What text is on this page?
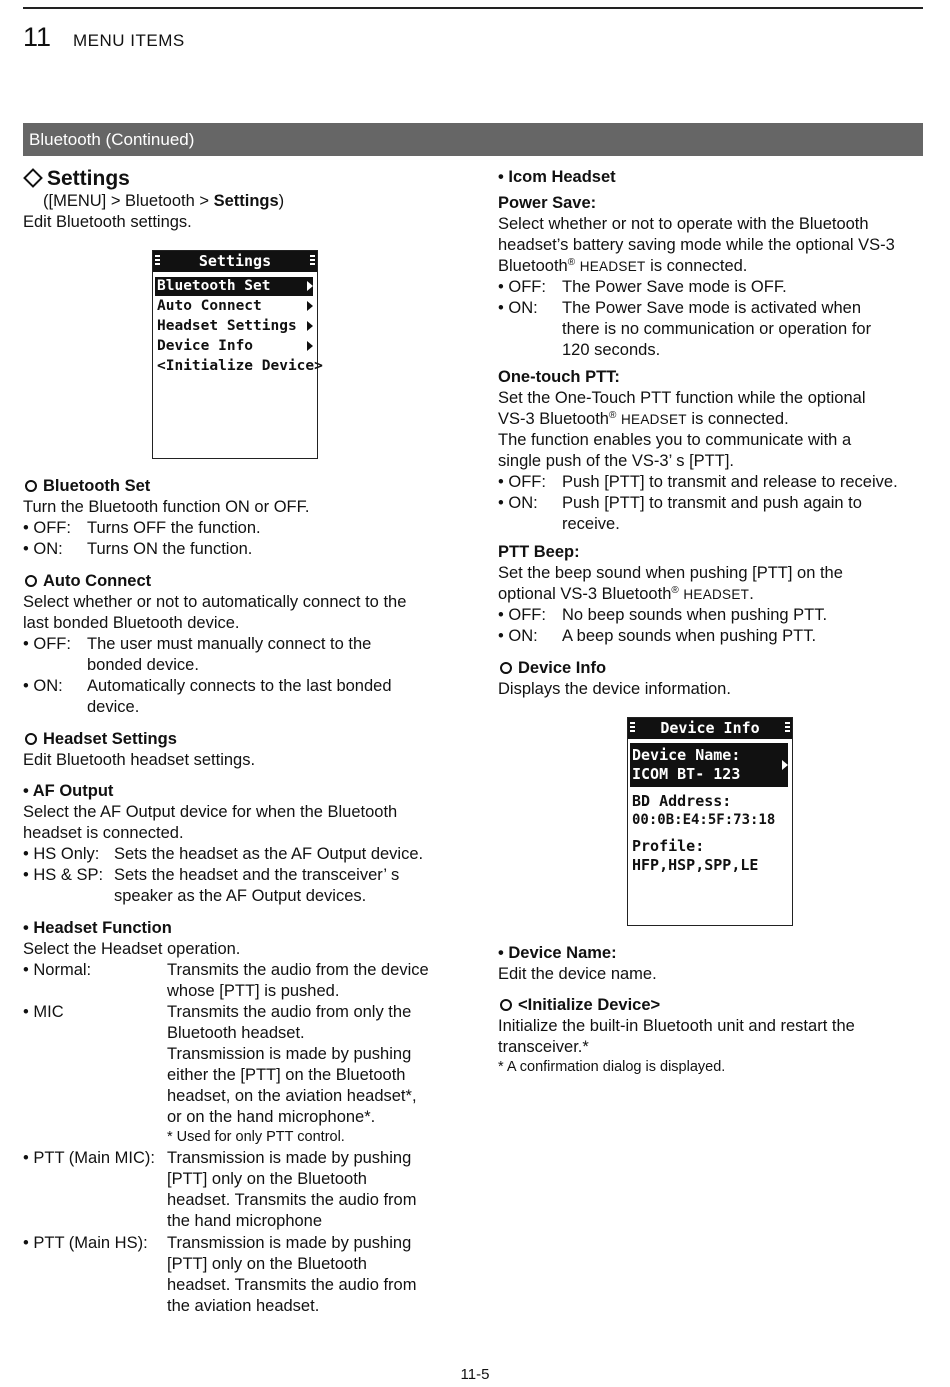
11 MENU ITEMS
Bluetooth (Continued)
Settings
([MENU] > Bluetooth > Settings)
Edit Bluetooth settings.
Settings
Bluetooth Set
Auto Connect
Headset Settings
Device Info
<Initialize Device>
Bluetooth Set
Turn the Bluetooth function ON or OFF.
• OFF: Turns OFF the function.
• ON: Turns ON the function.
Auto Connect
Select whether or not to automatically connect to the
last bonded Bluetooth device.
• OFF: The user must manually connect to the
bonded device.
• ON: Automatically connects to the last bonded
device.
Headset Settings
Edit Bluetooth headset settings.
• AF Output
Select the AF Output device for when the Bluetooth
headset is connected.
• HS Only: Sets the headset as the AF Output device.
• HS & SP: Sets the headset and the transceiver’ s
speaker as the AF Output devices.
• Headset Function
Select the Headset operation.
• Normal:	Transmits the audio from the device
whose [PTT] is pushed.
• MIC	Transmits the audio from only the
Bluetooth headset.
Transmission is made by pushing
either the [PTT] on the Bluetooth
headset, on the aviation headset*,
or on the hand microphone*.
* Used for only PTT control.
• PTT (Main MIC): Transmission is made by pushing
[PTT] only on the Bluetooth
headset. Transmits the audio from
the hand microphone
• PTT (Main HS): Transmission is made by pushing
[PTT] only on the Bluetooth
headset. Transmits the audio from
the aviation headset.
• Icom Headset
Power Save:
Select whether or not to operate with the Bluetooth
headset’s battery saving mode while the optional VS-3
Bluetooth® HEADSET is connected.
• OFF: The Power Save mode is OFF.
• ON: The Power Save mode is activated when
there is no communication or operation for
120 seconds.
One-touch PTT:
Set the One-Touch PTT function while the optional
VS-3 Bluetooth® HEADSET is connected.
The function enables you to communicate with a
single push of the VS-3’ s [PTT].
• OFF: Push [PTT] to transmit and release to receive.
• ON: Push [PTT] to transmit and push again to
receive.
PTT Beep:
Set the beep sound when pushing [PTT] on the
optional VS-3 Bluetooth® HEADSET.
• OFF: No beep sounds when pushing PTT.
• ON: A beep sounds when pushing PTT.
Device Info
Displays the device information.
Device Info
Device Name:
ICOM BT- 123
BD Address:
00:0B:E4:5F:73:18
Profile:
HFP,HSP,SPP,LE
• Device Name:
Edit the device name.
<Initialize Device>
Initialize the built-in Bluetooth unit and restart the
transceiver.*
* A confirmation dialog is displayed.
11-5
